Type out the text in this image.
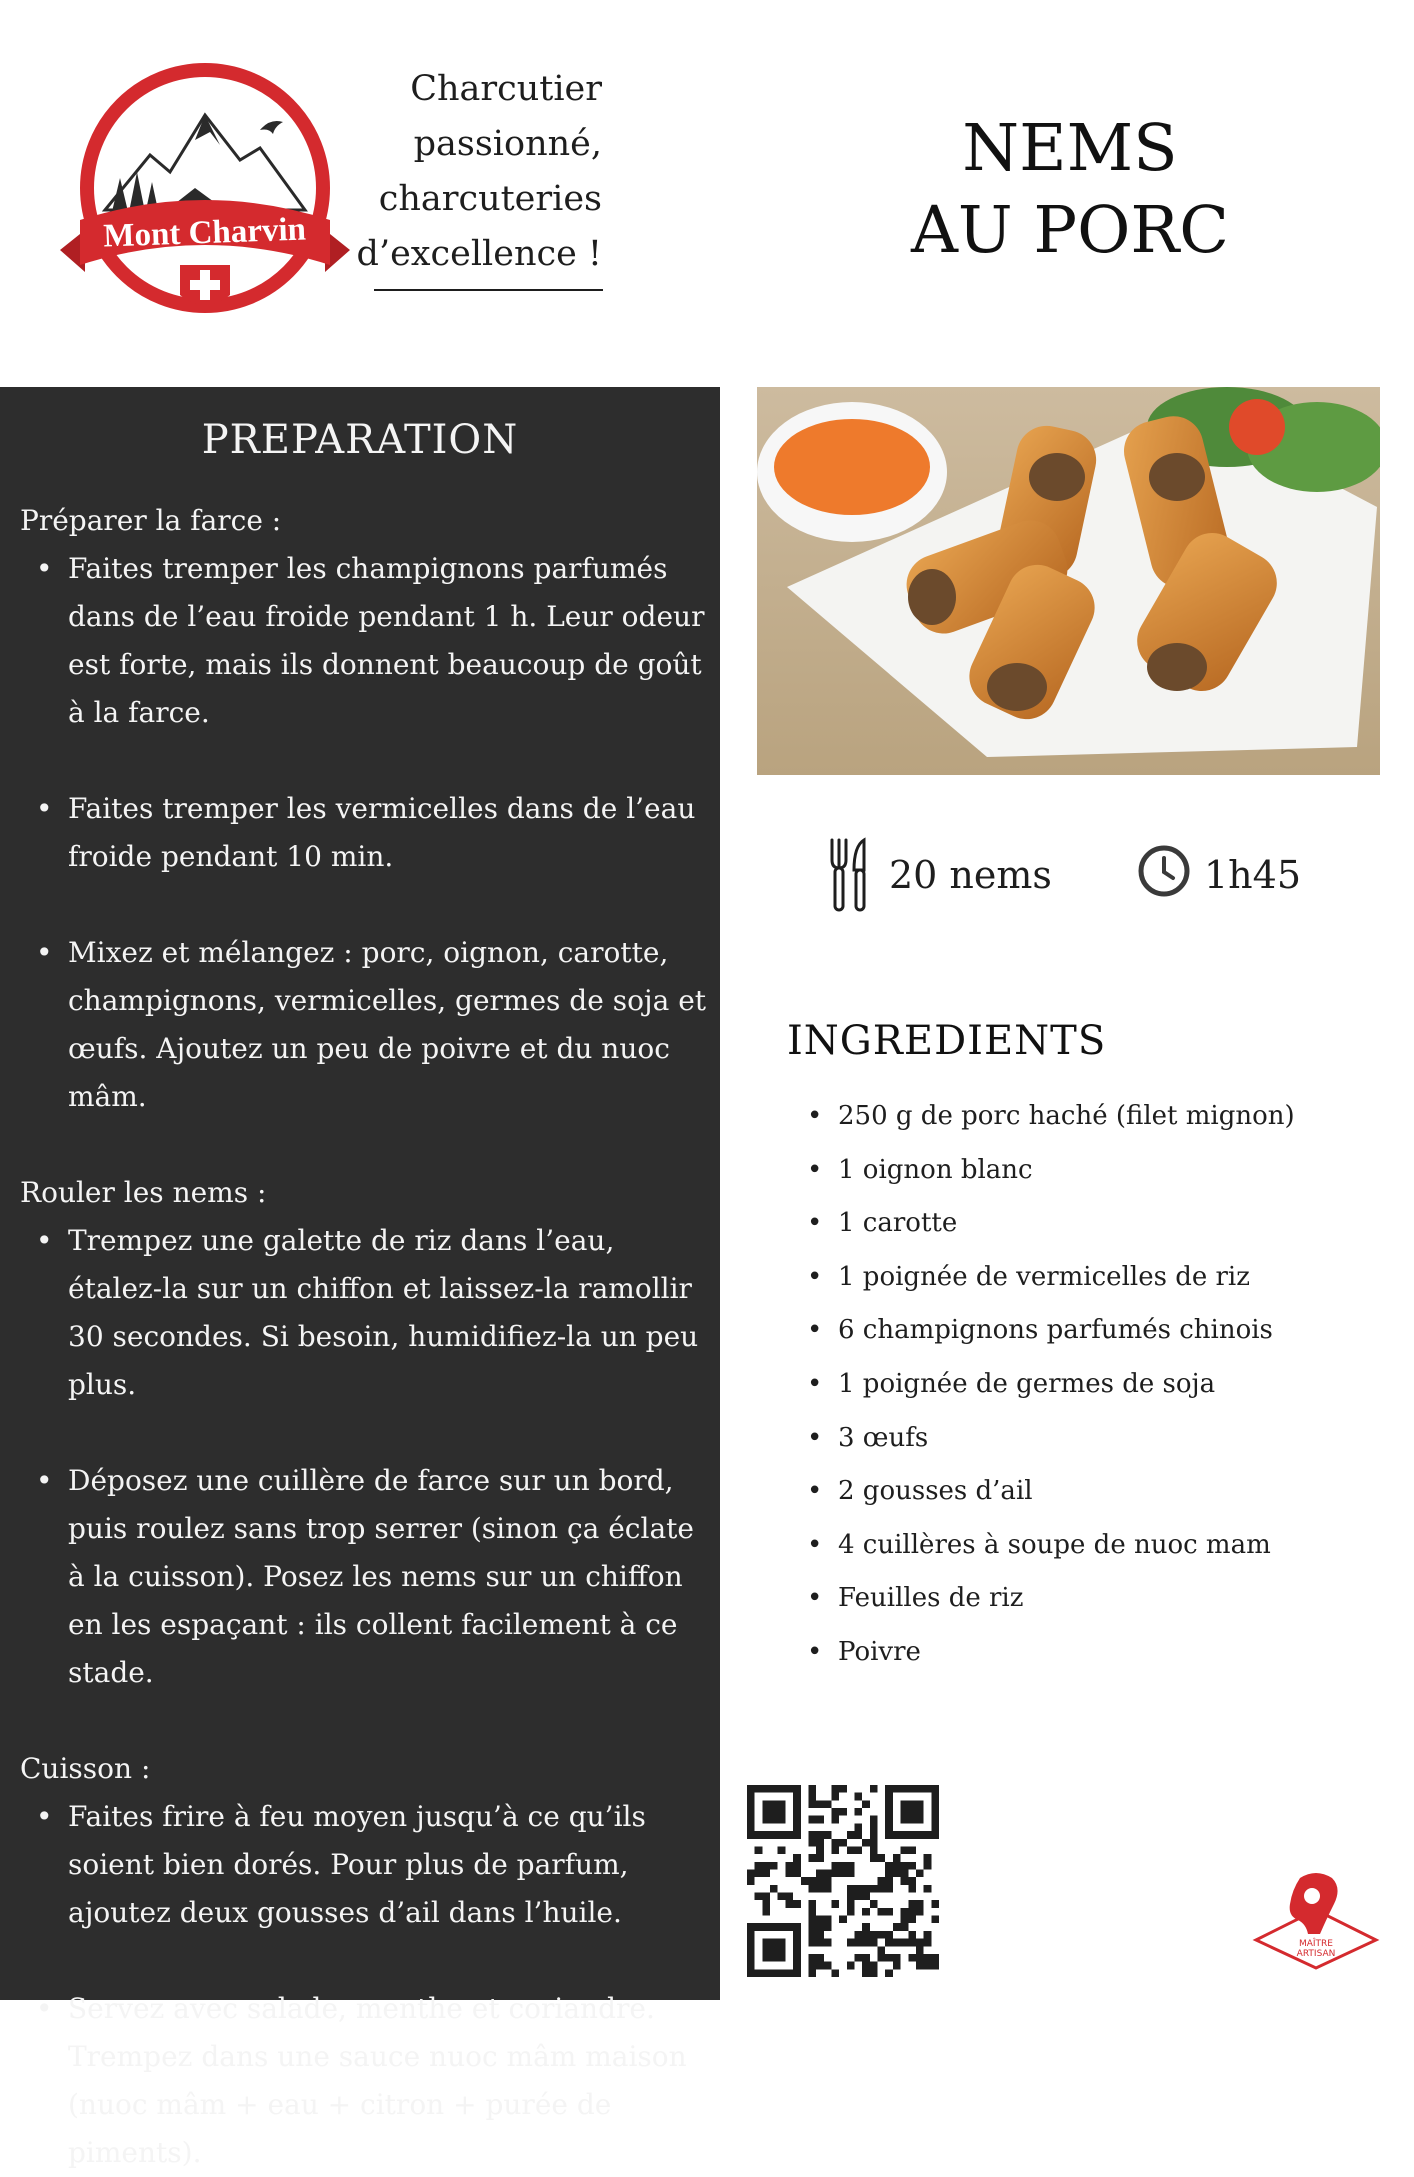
Mont Charvin
Charcutier
passionné,
charcuteries
d’excellence !
NEMS
AU PORC
PREPARATION
Préparer la farce :
• Faites tremper les champignons parfumés dans de l’eau froide pendant 1 h. Leur odeur est forte, mais ils donnent beaucoup de goût à la farce.
• Faites tremper les vermicelles dans de l’eau froide pendant 10 min.
• Mixez et mélangez : porc, oignon, carotte, champignons, vermicelles, germes de soja et œufs. Ajoutez un peu de poivre et du nuoc mâm.
Rouler les nems :
• Trempez une galette de riz dans l’eau, étalez-la sur un chiffon et laissez-la ramollir 30 secondes. Si besoin, humidifiez-la un peu plus.
• Déposez une cuillère de farce sur un bord, puis roulez sans trop serrer (sinon ça éclate à la cuisson). Posez les nems sur un chiffon en les espaçant : ils collent facilement à ce stade.
Cuisson :
• Faites frire à feu moyen jusqu’à ce qu’ils soient bien dorés. Pour plus de parfum, ajoutez deux gousses d’ail dans l’huile.
• Servez avec salade, menthe et coriandre. Trempez dans une sauce nuoc mâm maison (nuoc mâm + eau + citron + purée de piments).
20 nems	1h45
INGREDIENTS
• 250 g de porc haché (filet mignon)
• 1 oignon blanc
• 1 carotte
• 1 poignée de vermicelles de riz
• 6 champignons parfumés chinois
• 1 poignée de germes de soja
• 3 œufs
• 2 gousses d’ail
• 4 cuillères à soupe de nuoc mam
• Feuilles de riz
• Poivre
MAÎTRE
ARTISAN
